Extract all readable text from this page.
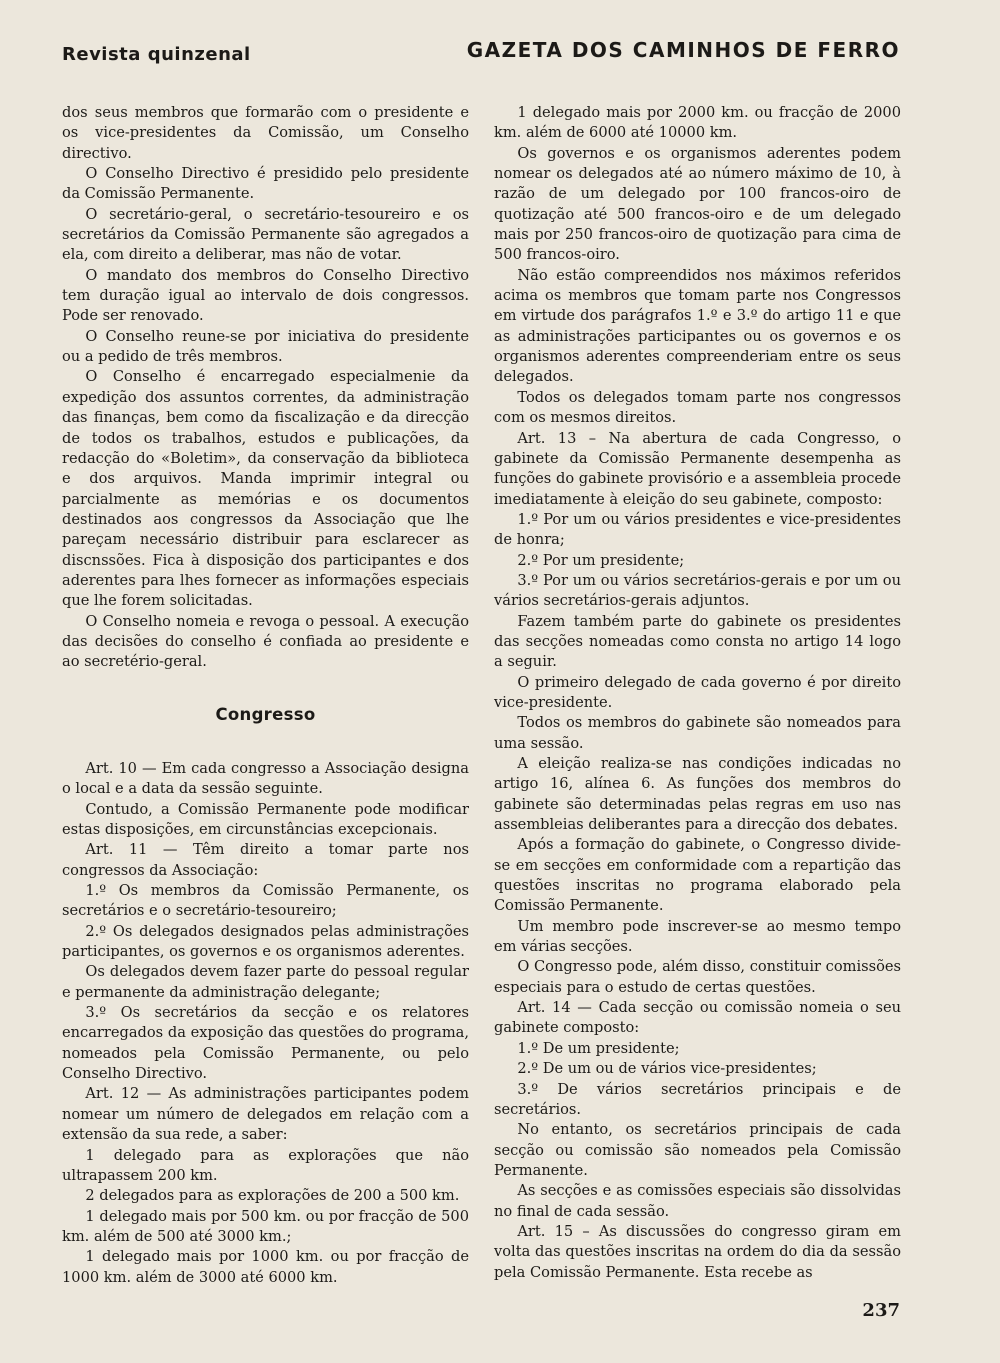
Revista quinzenal	GAZETA DOS CAMINHOS DE FERRO

dos seus membros que formarão com o presidente e os vice-presidentes da Comissão, um Conselho directivo.

O Conselho Directivo é presidido pelo presidente da Comissão Permanente.

O secretário-geral, o secretário-tesoureiro e os secretários da Comissão Permanente são agregados a ela, com direito a deliberar, mas não de votar.

O mandato dos membros do Conselho Directivo tem duração igual ao intervalo de dois congressos. Pode ser renovado.

O Conselho reune-se por iniciativa do presidente ou a pedido de três membros.

O Conselho é encarregado especialmenie da expedição dos assuntos correntes, da administração das finanças, bem como da fiscalização e da direcção de todos os trabalhos, estudos e publicações, da redacção do «Boletim», da conservação da biblioteca e dos arquivos. Manda imprimir integral ou parcialmente as memórias e os documentos destinados aos congressos da Associação que lhe pareçam necessário distribuir para esclarecer as discnssões. Fica à disposição dos participantes e dos aderentes para lhes fornecer as informações especiais que lhe forem solicitadas.

O Conselho nomeia e revoga o pessoal. A execução das decisões do conselho é confiada ao presidente e ao secretério-geral.

Congresso

Art. 10 — Em cada congresso a Associação designa o local e a data da sessão seguinte.

Contudo, a Comissão Permanente pode modificar estas disposições, em circunstâncias excepcionais.

Art. 11 — Têm direito a tomar parte nos congressos da Associação:

1.º Os membros da Comissão Permanente, os secretários e o secretário-tesoureiro;

2.º Os delegados designados pelas administrações participantes, os governos e os organismos aderentes.

Os delegados devem fazer parte do pessoal regular e permanente da administração delegante;

3.º Os secretários da secção e os relatores encarregados da exposição das questões do programa, nomeados pela Comissão Permanente, ou pelo Conselho Directivo.

Art. 12 — As administrações participantes podem nomear um número de delegados em relação com a extensão da sua rede, a saber:

1 delegado para as explorações que não ultrapassem 200 km.

2 delegados para as explorações de 200 a 500 km.

1 delegado mais por 500 km. ou por fracção de 500 km. além de 500 até 3000 km.;

1 delegado mais por 1000 km. ou por fracção de 1000 km. além de 3000 até 6000 km.

1 delegado mais por 2000 km. ou fracção de 2000 km. além de 6000 até 10000 km.

Os governos e os organismos aderentes podem nomear os delegados até ao número máximo de 10, à razão de um delegado por 100 francos-oiro de quotização até 500 francos-oiro e de um delegado mais por 250 francos-oiro de quotização para cima de 500 francos-oiro.

Não estão compreendidos nos máximos referidos acima os membros que tomam parte nos Congressos em virtude dos parágrafos 1.º e 3.º do artigo 11 e que as administrações participantes ou os governos e os organismos aderentes compreenderiam entre os seus delegados.

Todos os delegados tomam parte nos congressos com os mesmos direitos.

Art. 13 – Na abertura de cada Congresso, o gabinete da Comissão Permanente desempenha as funções do gabinete provisório e a assembleia procede imediatamente à eleição do seu gabinete, composto:

1.º Por um ou vários presidentes e vice-presidentes de honra;

2.º Por um presidente;

3.º Por um ou vários secretários-gerais e por um ou vários secretários-gerais adjuntos.

Fazem também parte do gabinete os presidentes das secções nomeadas como consta no artigo 14 logo a seguir.

O primeiro delegado de cada governo é por direito vice-presidente.

Todos os membros do gabinete são nomeados para uma sessão.

A eleição realiza-se nas condições indicadas no artigo 16, alínea 6. As funções dos membros do gabinete são determinadas pelas regras em uso nas assembleias deliberantes para a direcção dos debates.

Após a formação do gabinete, o Congresso divide-se em secções em conformidade com a repartição das questões inscritas no programa elaborado pela Comissão Permanente.

Um membro pode inscrever-se ao mesmo tempo em várias secções.

O Congresso pode, além disso, constituir comissões especiais para o estudo de certas questões.

Art. 14 — Cada secção ou comissão nomeia o seu gabinete composto:

1.º De um presidente;

2.º De um ou de vários vice-presidentes;

3.º De vários secretários principais e de secretários.

No entanto, os secretários principais de cada secção ou comissão são nomeados pela Comissão Permanente.

As secções e as comissões especiais são dissolvidas no final de cada sessão.

Art. 15 – As discussões do congresso giram em volta das questões inscritas na ordem do dia da sessão pela Comissão Permanente. Esta recebe as

237
